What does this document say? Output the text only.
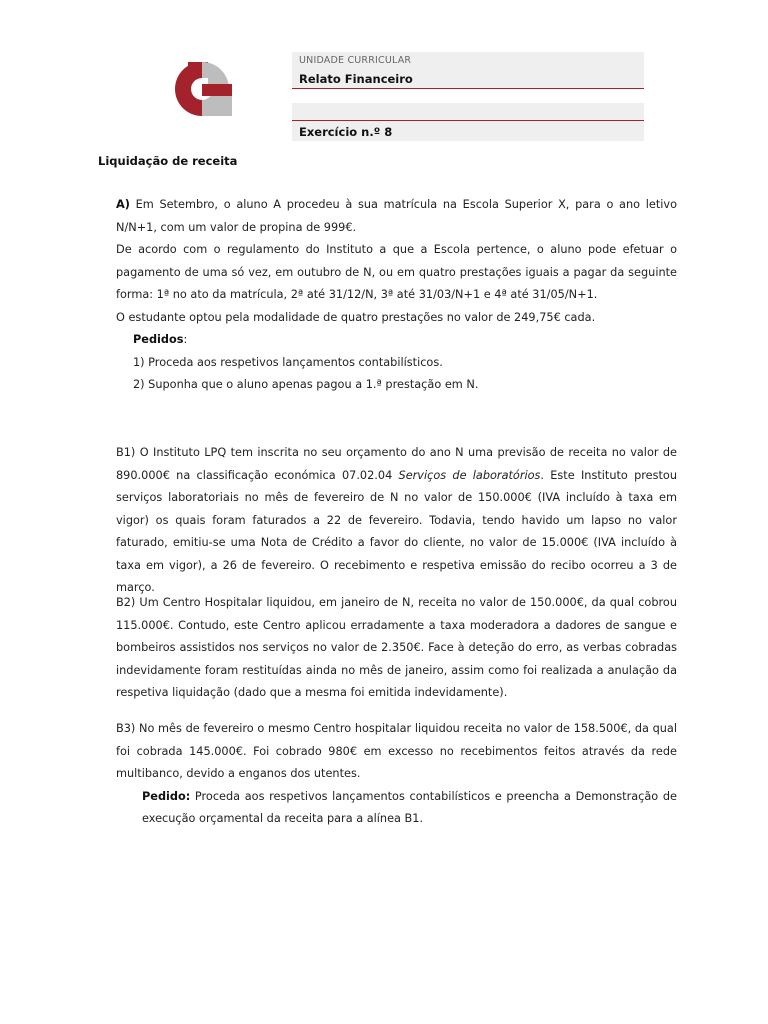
UNIDADE CURRICULAR
Relato Financeiro
Exercício n.º 8
Liquidação de receita

A) Em Setembro, o aluno A procedeu à sua matrícula na Escola Superior X, para o ano letivo N/N+1, com um valor de propina de 999€.

De acordo com o regulamento do Instituto a que a Escola pertence, o aluno pode efetuar o pagamento de uma só vez, em outubro de N, ou em quatro prestações iguais a pagar da seguinte forma: 1ª no ato da matrícula, 2ª até 31/12/N, 3ª até 31/03/N+1 e 4ª até 31/05/N+1.

O estudante optou pela modalidade de quatro prestações no valor de 249,75€ cada.

Pedidos:

1) Proceda aos respetivos lançamentos contabilísticos.

2) Suponha que o aluno apenas pagou a 1.ª prestação em N.

B1) O Instituto LPQ tem inscrita no seu orçamento do ano N uma previsão de receita no valor de 890.000€ na classificação económica 07.02.04 Serviços de laboratórios. Este Instituto prestou serviços laboratoriais no mês de fevereiro de N no valor de 150.000€ (IVA incluído à taxa em vigor) os quais foram faturados a 22 de fevereiro. Todavia, tendo havido um lapso no valor faturado, emitiu-se uma Nota de Crédito a favor do cliente, no valor de 15.000€ (IVA incluído à taxa em vigor), a 26 de fevereiro. O recebimento e respetiva emissão do recibo ocorreu a 3 de março.

B2) Um Centro Hospitalar liquidou, em janeiro de N, receita no valor de 150.000€, da qual cobrou 115.000€. Contudo, este Centro aplicou erradamente a taxa moderadora a dadores de sangue e bombeiros assistidos nos serviços no valor de 2.350€. Face à deteção do erro, as verbas cobradas indevidamente foram restituídas ainda no mês de janeiro, assim como foi realizada a anulação da respetiva liquidação (dado que a mesma foi emitida indevidamente).

B3) No mês de fevereiro o mesmo Centro hospitalar liquidou receita no valor de 158.500€, da qual foi cobrada 145.000€. Foi cobrado 980€ em excesso no recebimentos feitos através da rede multibanco, devido a enganos dos utentes.

Pedido: Proceda aos respetivos lançamentos contabilísticos e preencha a Demonstração de execução orçamental da receita para a alínea B1.
